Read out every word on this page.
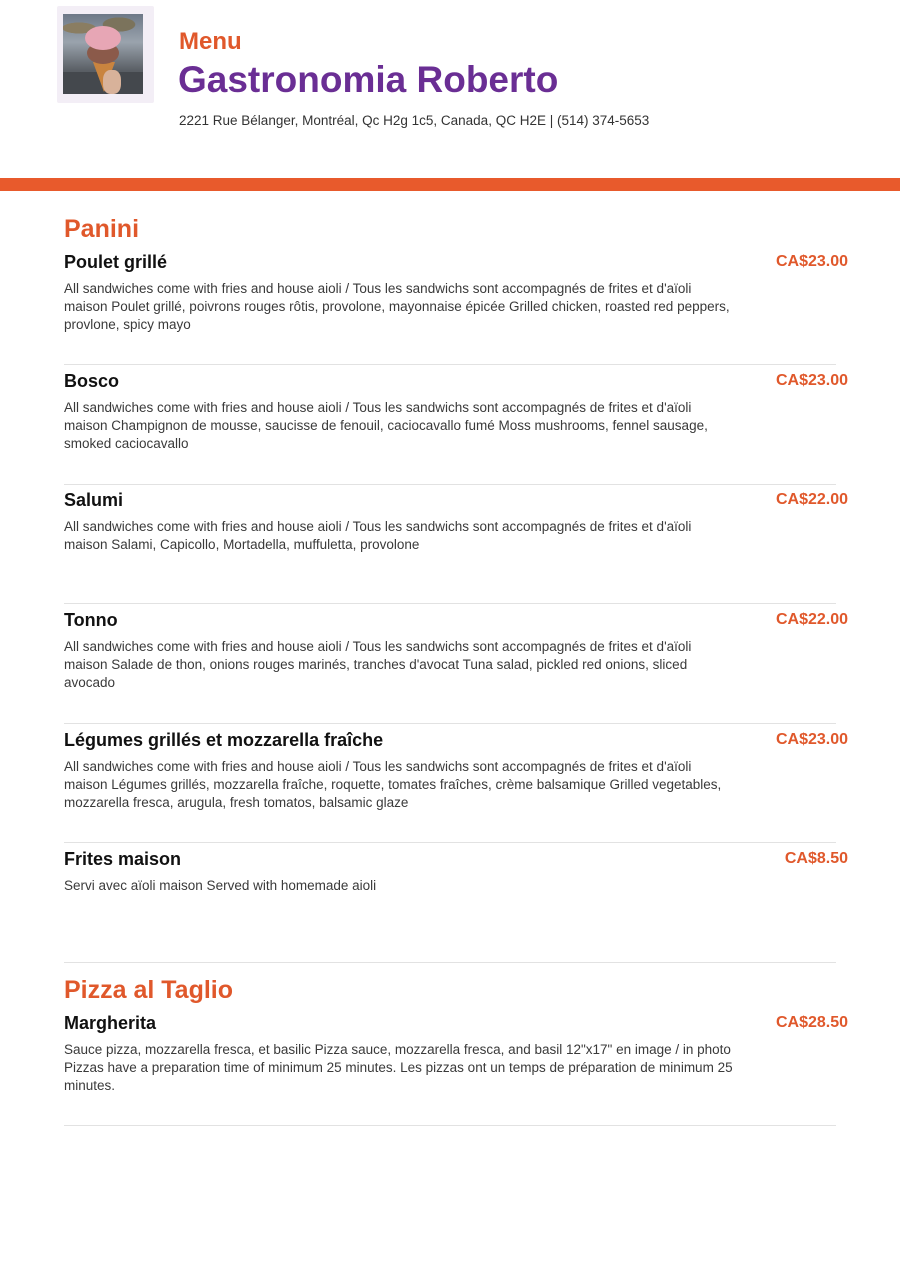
Menu
Gastronomia Roberto
2221 Rue Bélanger, Montréal, Qc H2g 1c5, Canada, QC H2E | (514) 374-5653
Panini
Poulet grillé	CA$23.00

All sandwiches come with fries and house aioli / Tous les sandwichs sont accompagnés de frites et d'aïoli maison Poulet grillé, poivrons rouges rôtis, provolone, mayonnaise épicée Grilled chicken, roasted red peppers, provlone, spicy mayo

Bosco	CA$23.00

All sandwiches come with fries and house aioli / Tous les sandwichs sont accompagnés de frites et d'aïoli maison Champignon de mousse, saucisse de fenouil, caciocavallo fumé Moss mushrooms, fennel sausage, smoked caciocavallo

Salumi	CA$22.00

All sandwiches come with fries and house aioli / Tous les sandwichs sont accompagnés de frites et d'aïoli maison Salami, Capicollo, Mortadella, muffuletta, provolone

Tonno	CA$22.00

All sandwiches come with fries and house aioli / Tous les sandwichs sont accompagnés de frites et d'aïoli maison Salade de thon, onions rouges marinés, tranches d'avocat Tuna salad, pickled red onions, sliced avocado

Légumes grillés et mozzarella fraîche	CA$23.00

All sandwiches come with fries and house aioli / Tous les sandwichs sont accompagnés de frites et d'aïoli maison Légumes grillés, mozzarella fraîche, roquette, tomates fraîches, crème balsamique Grilled vegetables, mozzarella fresca, arugula, fresh tomatos, balsamic glaze

Frites maison	CA$8.50

Servi avec aïoli maison Served with homemade aioli

Pizza al Taglio
Margherita	CA$28.50

Sauce pizza, mozzarella fresca, et basilic Pizza sauce, mozzarella fresca, and basil 12"x17" en image / in photo Pizzas have a preparation time of minimum 25 minutes. Les pizzas ont un temps de préparation de minimum 25 minutes.
